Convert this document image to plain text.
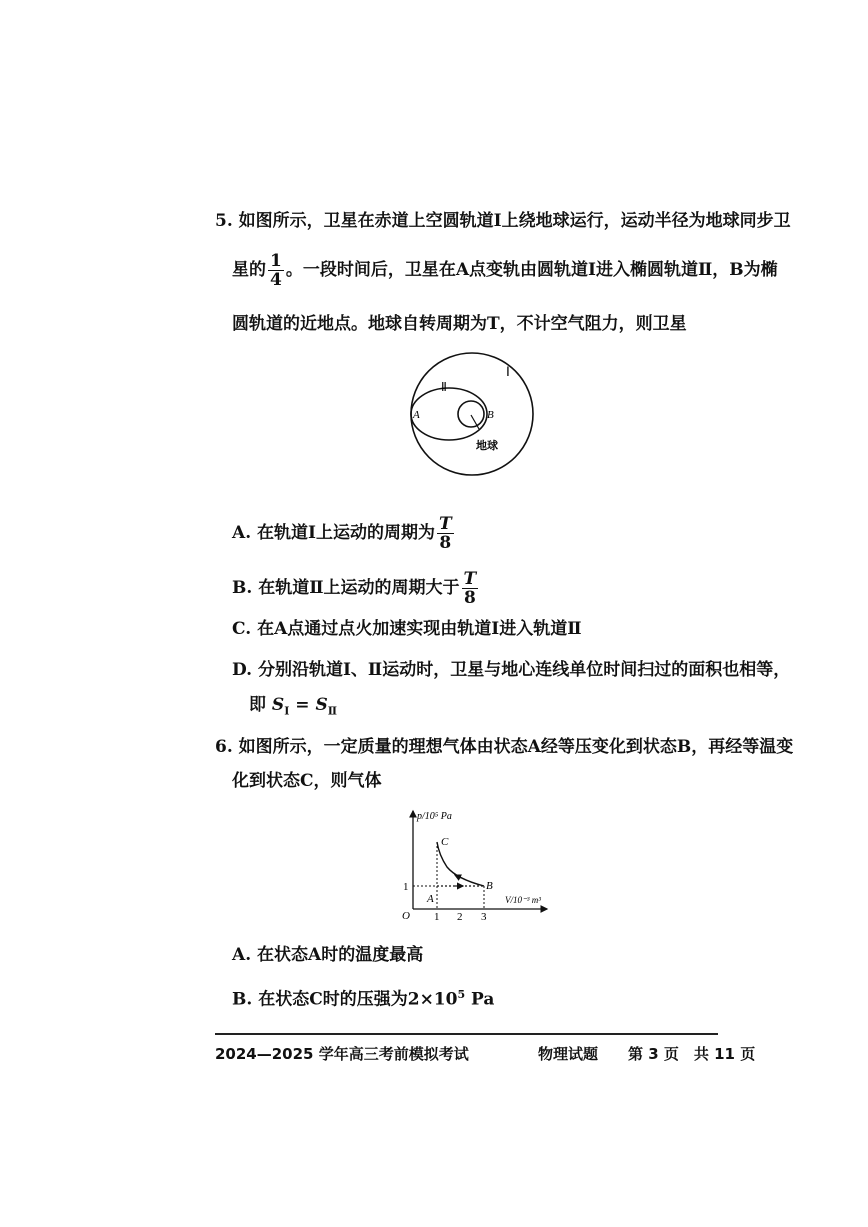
5. 如图所示，卫星在赤道上空圆轨道Ⅰ上绕地球运行，运动半径为地球同步卫
星的 $\frac{1}{4}$ 。一段时间后，卫星在A点变轨由圆轨道Ⅰ进入椭圆轨道Ⅱ，B为椭
圆轨道的近地点。地球自转周期为T，不计空气阻力，则卫星
Ⅰ
Ⅱ
A	B
地球
A. 在轨道Ⅰ上运动的周期为 $\frac{T}{8}$
B. 在轨道Ⅱ上运动的周期大于 $\frac{T}{8}$
C. 在A点通过点火加速实现由轨道Ⅰ进入轨道Ⅱ
D. 分别沿轨道Ⅰ、Ⅱ运动时，卫星与地心连线单位时间扫过的面积也相等，
即 $S_Ⅰ = S_Ⅱ$
6. 如图所示，一定质量的理想气体由状态A经等压变化到状态B，再经等温变
化到状态C，则气体
p/10⁵ Pa
V/10⁻³ m³
O
1
1 2 3
A
B
C
A. 在状态A时的温度最高
B. 在状态C时的压强为$2\times 10^5$ Pa
2024—2025 学年高三考前模拟考试	物理试题 第 3 页　共 11 页
